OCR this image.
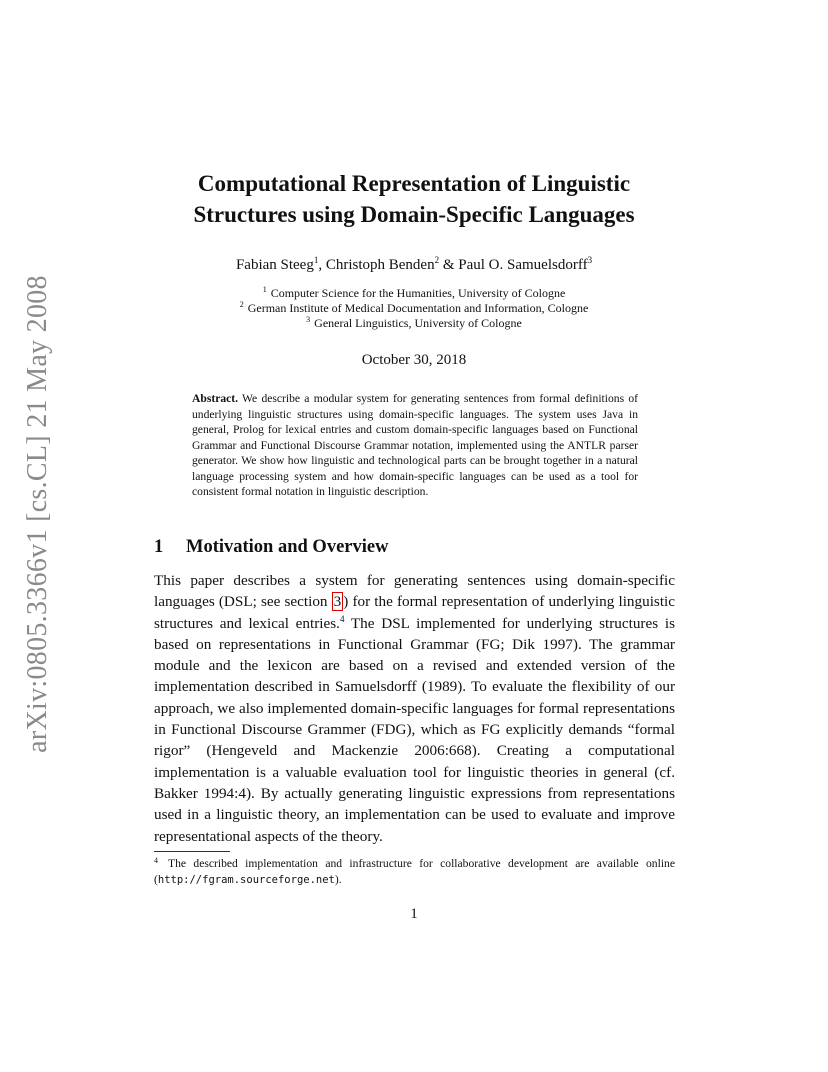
arXiv:0805.3366v1 [cs.CL] 21 May 2008
Computational Representation of Linguistic
Structures using Domain-Specific Languages
Fabian Steeg$^1$, Christoph Benden$^2$ & Paul O. Samuelsdorff$^3$
$^1$ Computer Science for the Humanities, University of Cologne
$^2$ German Institute of Medical Documentation and Information, Cologne
$^3$ General Linguistics, University of Cologne
October 30, 2018
Abstract. We describe a modular system for generating sentences from formal definitions of underlying linguistic structures using domain-specific languages. The system uses Java in general, Prolog for lexical entries and custom domain-specific languages based on Functional Grammar and Functional Discourse Grammar notation, implemented using the ANTLR parser generator. We show how linguistic and technological parts can be brought together in a natural language processing system and how domain-specific languages can be used as a tool for consistent formal notation in linguistic description.
1 Motivation and Overview
This paper describes a system for generating sentences using domain-specific languages (DSL; see section 3 ) for the formal representation of underlying linguistic structures and lexical entries.$^4$ The DSL implemented for underlying structures is based on representations in Functional Grammar (FG; Dik 1997). The grammar module and the lexicon are based on a revised and extended version of the implementation described in Samuelsdorff (1989). To evaluate the flexibility of our approach, we also implemented domain-specific languages for formal representations in Functional Discourse Grammer (FDG), which as FG explicitly demands “formal rigor” (Hengeveld and Mackenzie 2006:668). Creating a computational implementation is a valuable evaluation tool for linguistic theories in general (cf. Bakker 1994:4). By actually generating linguistic expressions from representations used in a linguistic theory, an implementation can be used to evaluate and improve representational aspects of the theory.
4 The described implementation and infrastructure for collaborative development are available online (http://fgram.sourceforge.net).
1
